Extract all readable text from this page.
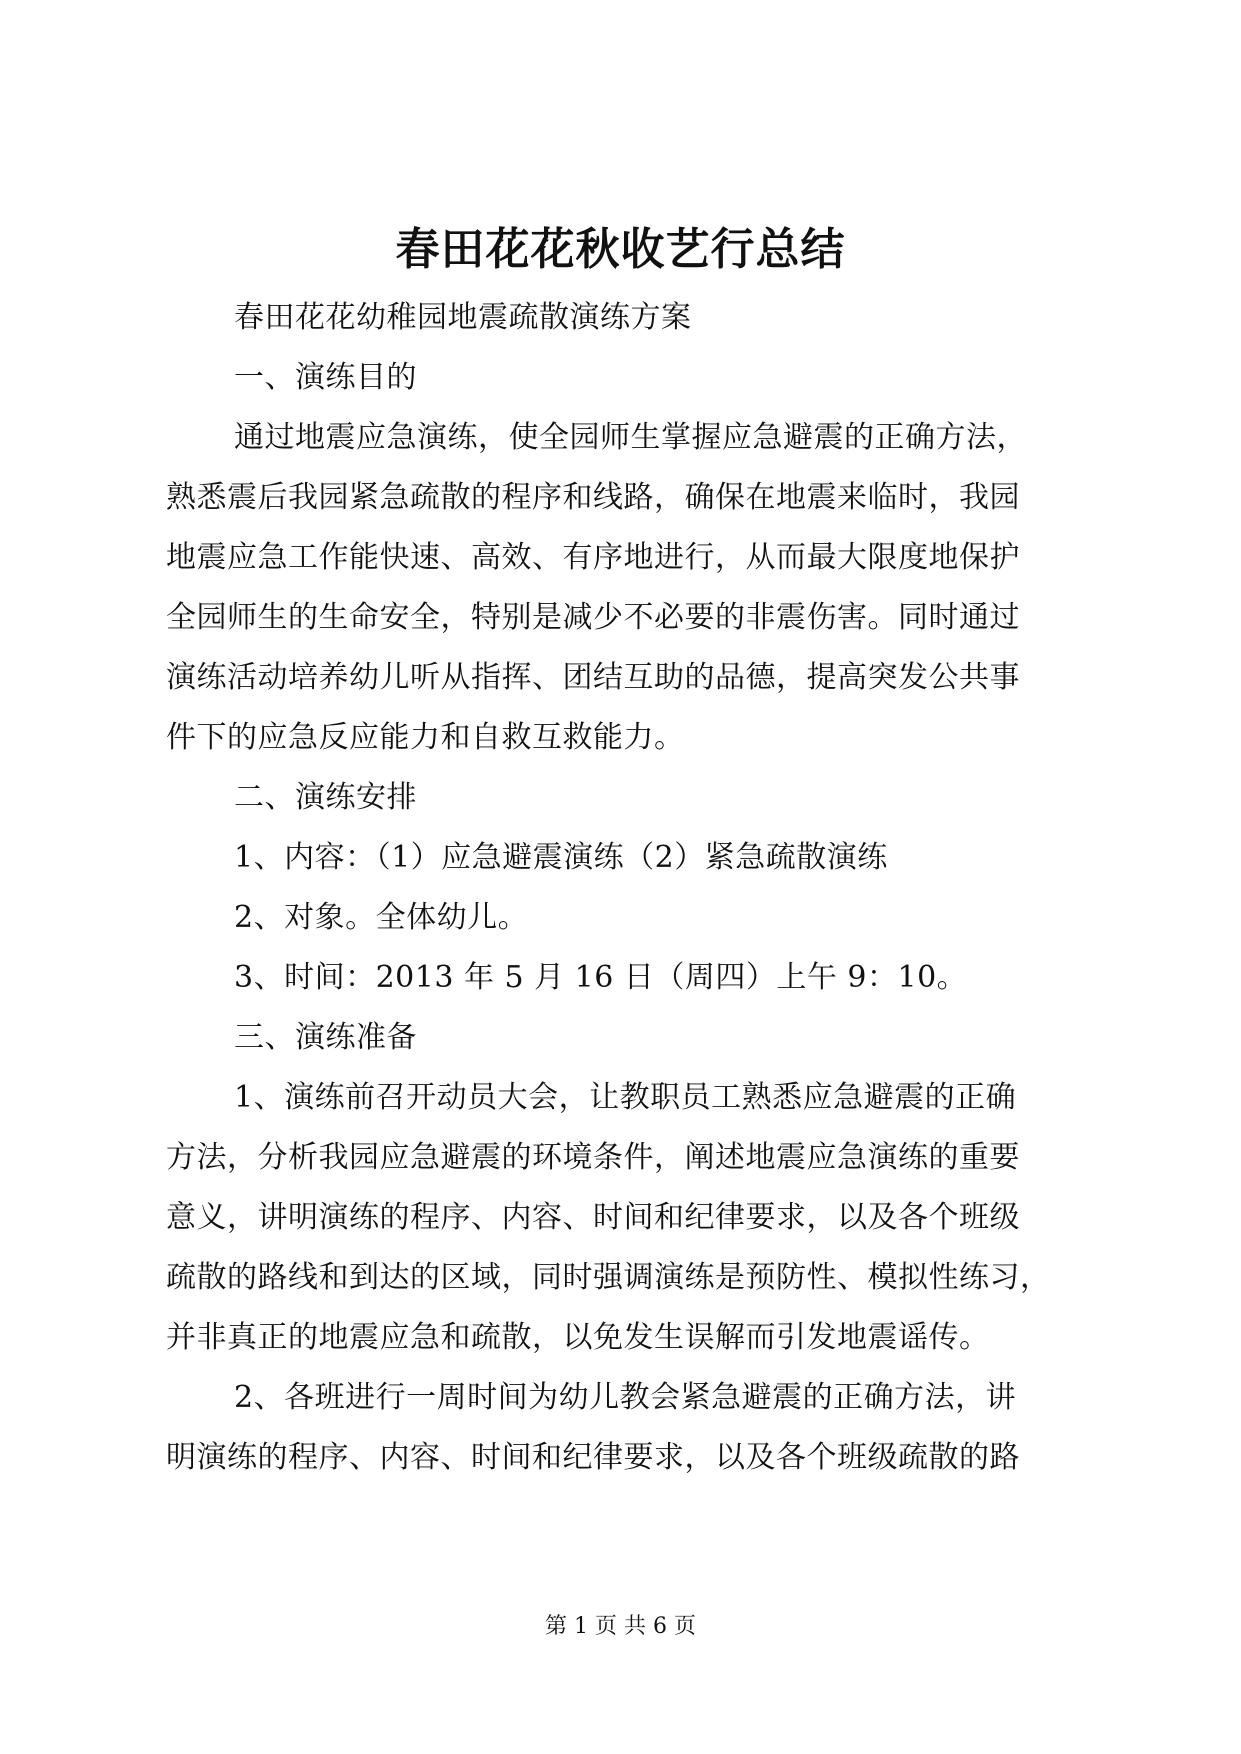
春田花花秋收艺行总结
春田花花幼稚园地震疏散演练方案
一、演练目的
通过地震应急演练，使全园师生掌握应急避震的正确方法，
熟悉震后我园紧急疏散的程序和线路，确保在地震来临时，我园
地震应急工作能快速、高效、有序地进行，从而最大限度地保护
全园师生的生命安全，特别是减少不必要的非震伤害。同时通过
演练活动培养幼儿听从指挥、团结互助的品德，提高突发公共事
件下的应急反应能力和自救互救能力。
二、演练安排
1、内容：（1）应急避震演练（2）紧急疏散演练
2、对象。全体幼儿。
3、时间：2013 年 5 月 16 日（周四）上午 9：10。
三、演练准备
1、演练前召开动员大会，让教职员工熟悉应急避震的正确
方法，分析我园应急避震的环境条件，阐述地震应急演练的重要
意义，讲明演练的程序、内容、时间和纪律要求，以及各个班级
疏散的路线和到达的区域，同时强调演练是预防性、模拟性练习，
并非真正的地震应急和疏散，以免发生误解而引发地震谣传。
2、各班进行一周时间为幼儿教会紧急避震的正确方法，讲
明演练的程序、内容、时间和纪律要求，以及各个班级疏散的路
第 1 页 共 6 页
